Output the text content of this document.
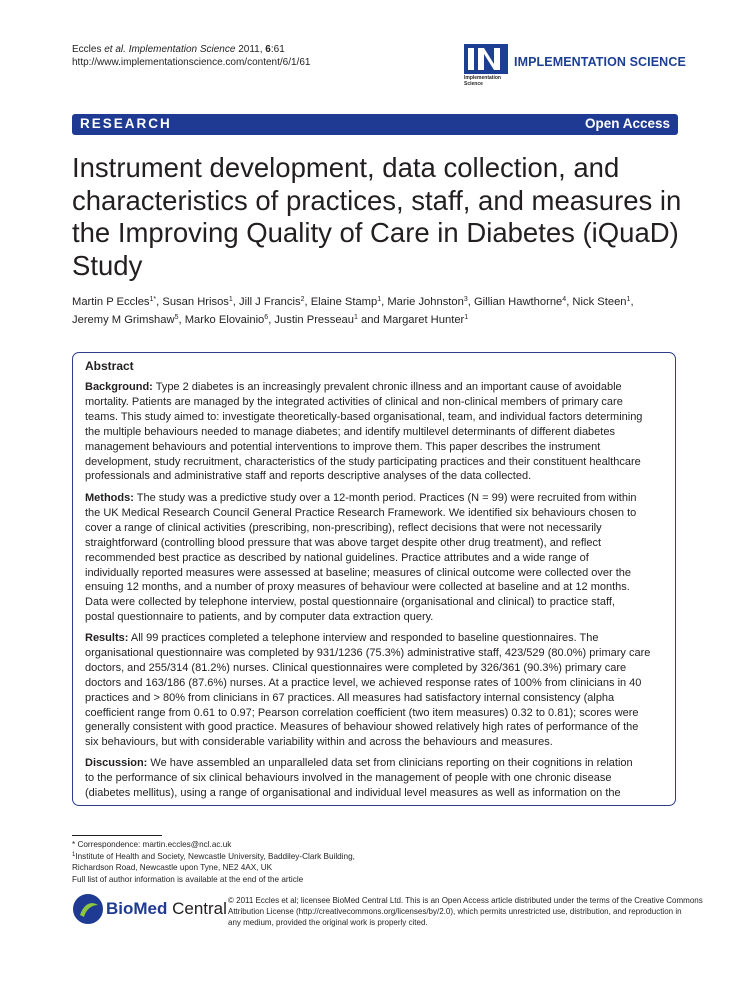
Eccles et al. Implementation Science 2011, 6:61
http://www.implementationscience.com/content/6/1/61
Implementation
Science
IMPLEMENTATION SCIENCE
RESEARCH	Open Access
Instrument development, data collection, and
characteristics of practices, staff, and measures in
the Improving Quality of Care in Diabetes (iQuaD)
Study
Martin P Eccles$^{1*}$, Susan Hrisos$^1$, Jill J Francis$^2$, Elaine Stamp$^1$, Marie Johnston$^3$, Gillian Hawthorne$^4$, Nick Steen$^1$,
Jeremy M Grimshaw$^5$, Marko Elovainio$^6$, Justin Presseau$^1$ and Margaret Hunter$^1$
Abstract
Background: Type 2 diabetes is an increasingly prevalent chronic illness and an important cause of avoidable
mortality. Patients are managed by the integrated activities of clinical and non-clinical members of primary care
teams. This study aimed to: investigate theoretically-based organisational, team, and individual factors determining
the multiple behaviours needed to manage diabetes; and identify multilevel determinants of different diabetes
management behaviours and potential interventions to improve them. This paper describes the instrument
development, study recruitment, characteristics of the study participating practices and their constituent healthcare
professionals and administrative staff and reports descriptive analyses of the data collected.
Methods: The study was a predictive study over a 12-month period. Practices (N = 99) were recruited from within
the UK Medical Research Council General Practice Research Framework. We identified six behaviours chosen to
cover a range of clinical activities (prescribing, non-prescribing), reflect decisions that were not necessarily
straightforward (controlling blood pressure that was above target despite other drug treatment), and reflect
recommended best practice as described by national guidelines. Practice attributes and a wide range of
individually reported measures were assessed at baseline; measures of clinical outcome were collected over the
ensuing 12 months, and a number of proxy measures of behaviour were collected at baseline and at 12 months.
Data were collected by telephone interview, postal questionnaire (organisational and clinical) to practice staff,
postal questionnaire to patients, and by computer data extraction query.
Results: All 99 practices completed a telephone interview and responded to baseline questionnaires. The
organisational questionnaire was completed by 931/1236 (75.3%) administrative staff, 423/529 (80.0%) primary care
doctors, and 255/314 (81.2%) nurses. Clinical questionnaires were completed by 326/361 (90.3%) primary care
doctors and 163/186 (87.6%) nurses. At a practice level, we achieved response rates of 100% from clinicians in 40
practices and > 80% from clinicians in 67 practices. All measures had satisfactory internal consistency (alpha
coefficient range from 0.61 to 0.97; Pearson correlation coefficient (two item measures) 0.32 to 0.81); scores were
generally consistent with good practice. Measures of behaviour showed relatively high rates of performance of the
six behaviours, but with considerable variability within and across the behaviours and measures.
Discussion: We have assembled an unparalleled data set from clinicians reporting on their cognitions in relation
to the performance of six clinical behaviours involved in the management of people with one chronic disease
(diabetes mellitus), using a range of organisational and individual level measures as well as information on the
* Correspondence: martin.eccles@ncl.ac.uk
$^1$Institute of Health and Society, Newcastle University, Baddiley-Clark Building,
Richardson Road, Newcastle upon Tyne, NE2 4AX, UK
Full list of author information is available at the end of the article
BioMed Central © 2011 Eccles et al; licensee BioMed Central Ltd. This is an Open Access article distributed under the terms of the Creative Commons
Attribution License (http://creativecommons.org/licenses/by/2.0), which permits unrestricted use, distribution, and reproduction in
any medium, provided the original work is properly cited.
